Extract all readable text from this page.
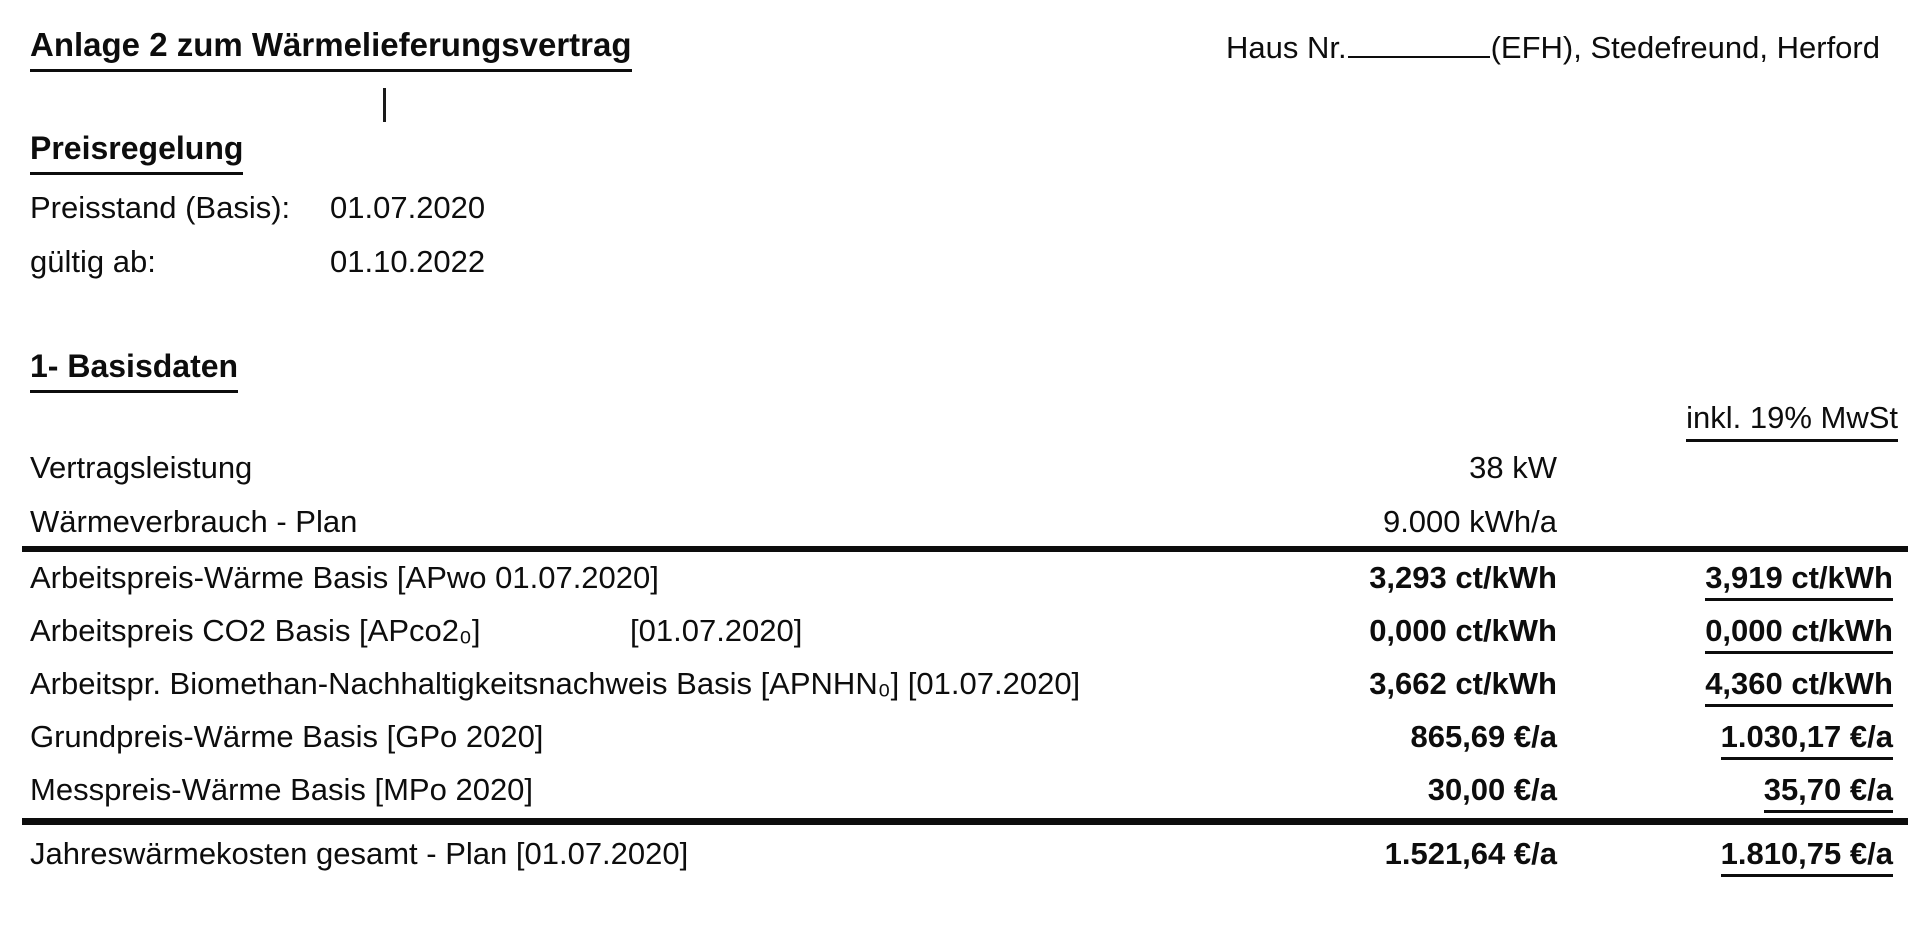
Anlage 2 zum Wärmelieferungsvertrag	Haus Nr.	(EFH), Stedefreund, Herford
Preisregelung
Preisstand (Basis): 01.07.2020
gültig ab:	01.10.2022
1- Basisdaten
inkl. 19% MwSt
Vertragsleistung	38 kW
Wärmeverbrauch - Plan	9.000 kWh/a
Arbeitspreis-Wärme Basis [APwo 01.07.2020]	3,293 ct/kWh	3,919 ct/kWh
Arbeitspreis CO2 Basis [APco2₀]	[01.07.2020]	0,000 ct/kWh	0,000 ct/kWh
Arbeitspr. Biomethan-Nachhaltigkeitsnachweis Basis [APNHN₀] [01.07.2020]	3,662 ct/kWh	4,360 ct/kWh
Grundpreis-Wärme Basis [GPo 2020]	865,69 €/a	1.030,17 €/a
Messpreis-Wärme Basis [MPo 2020]	30,00 €/a	35,70 €/a
Jahreswärmekosten gesamt - Plan [01.07.2020]	1.521,64 €/a	1.810,75 €/a
